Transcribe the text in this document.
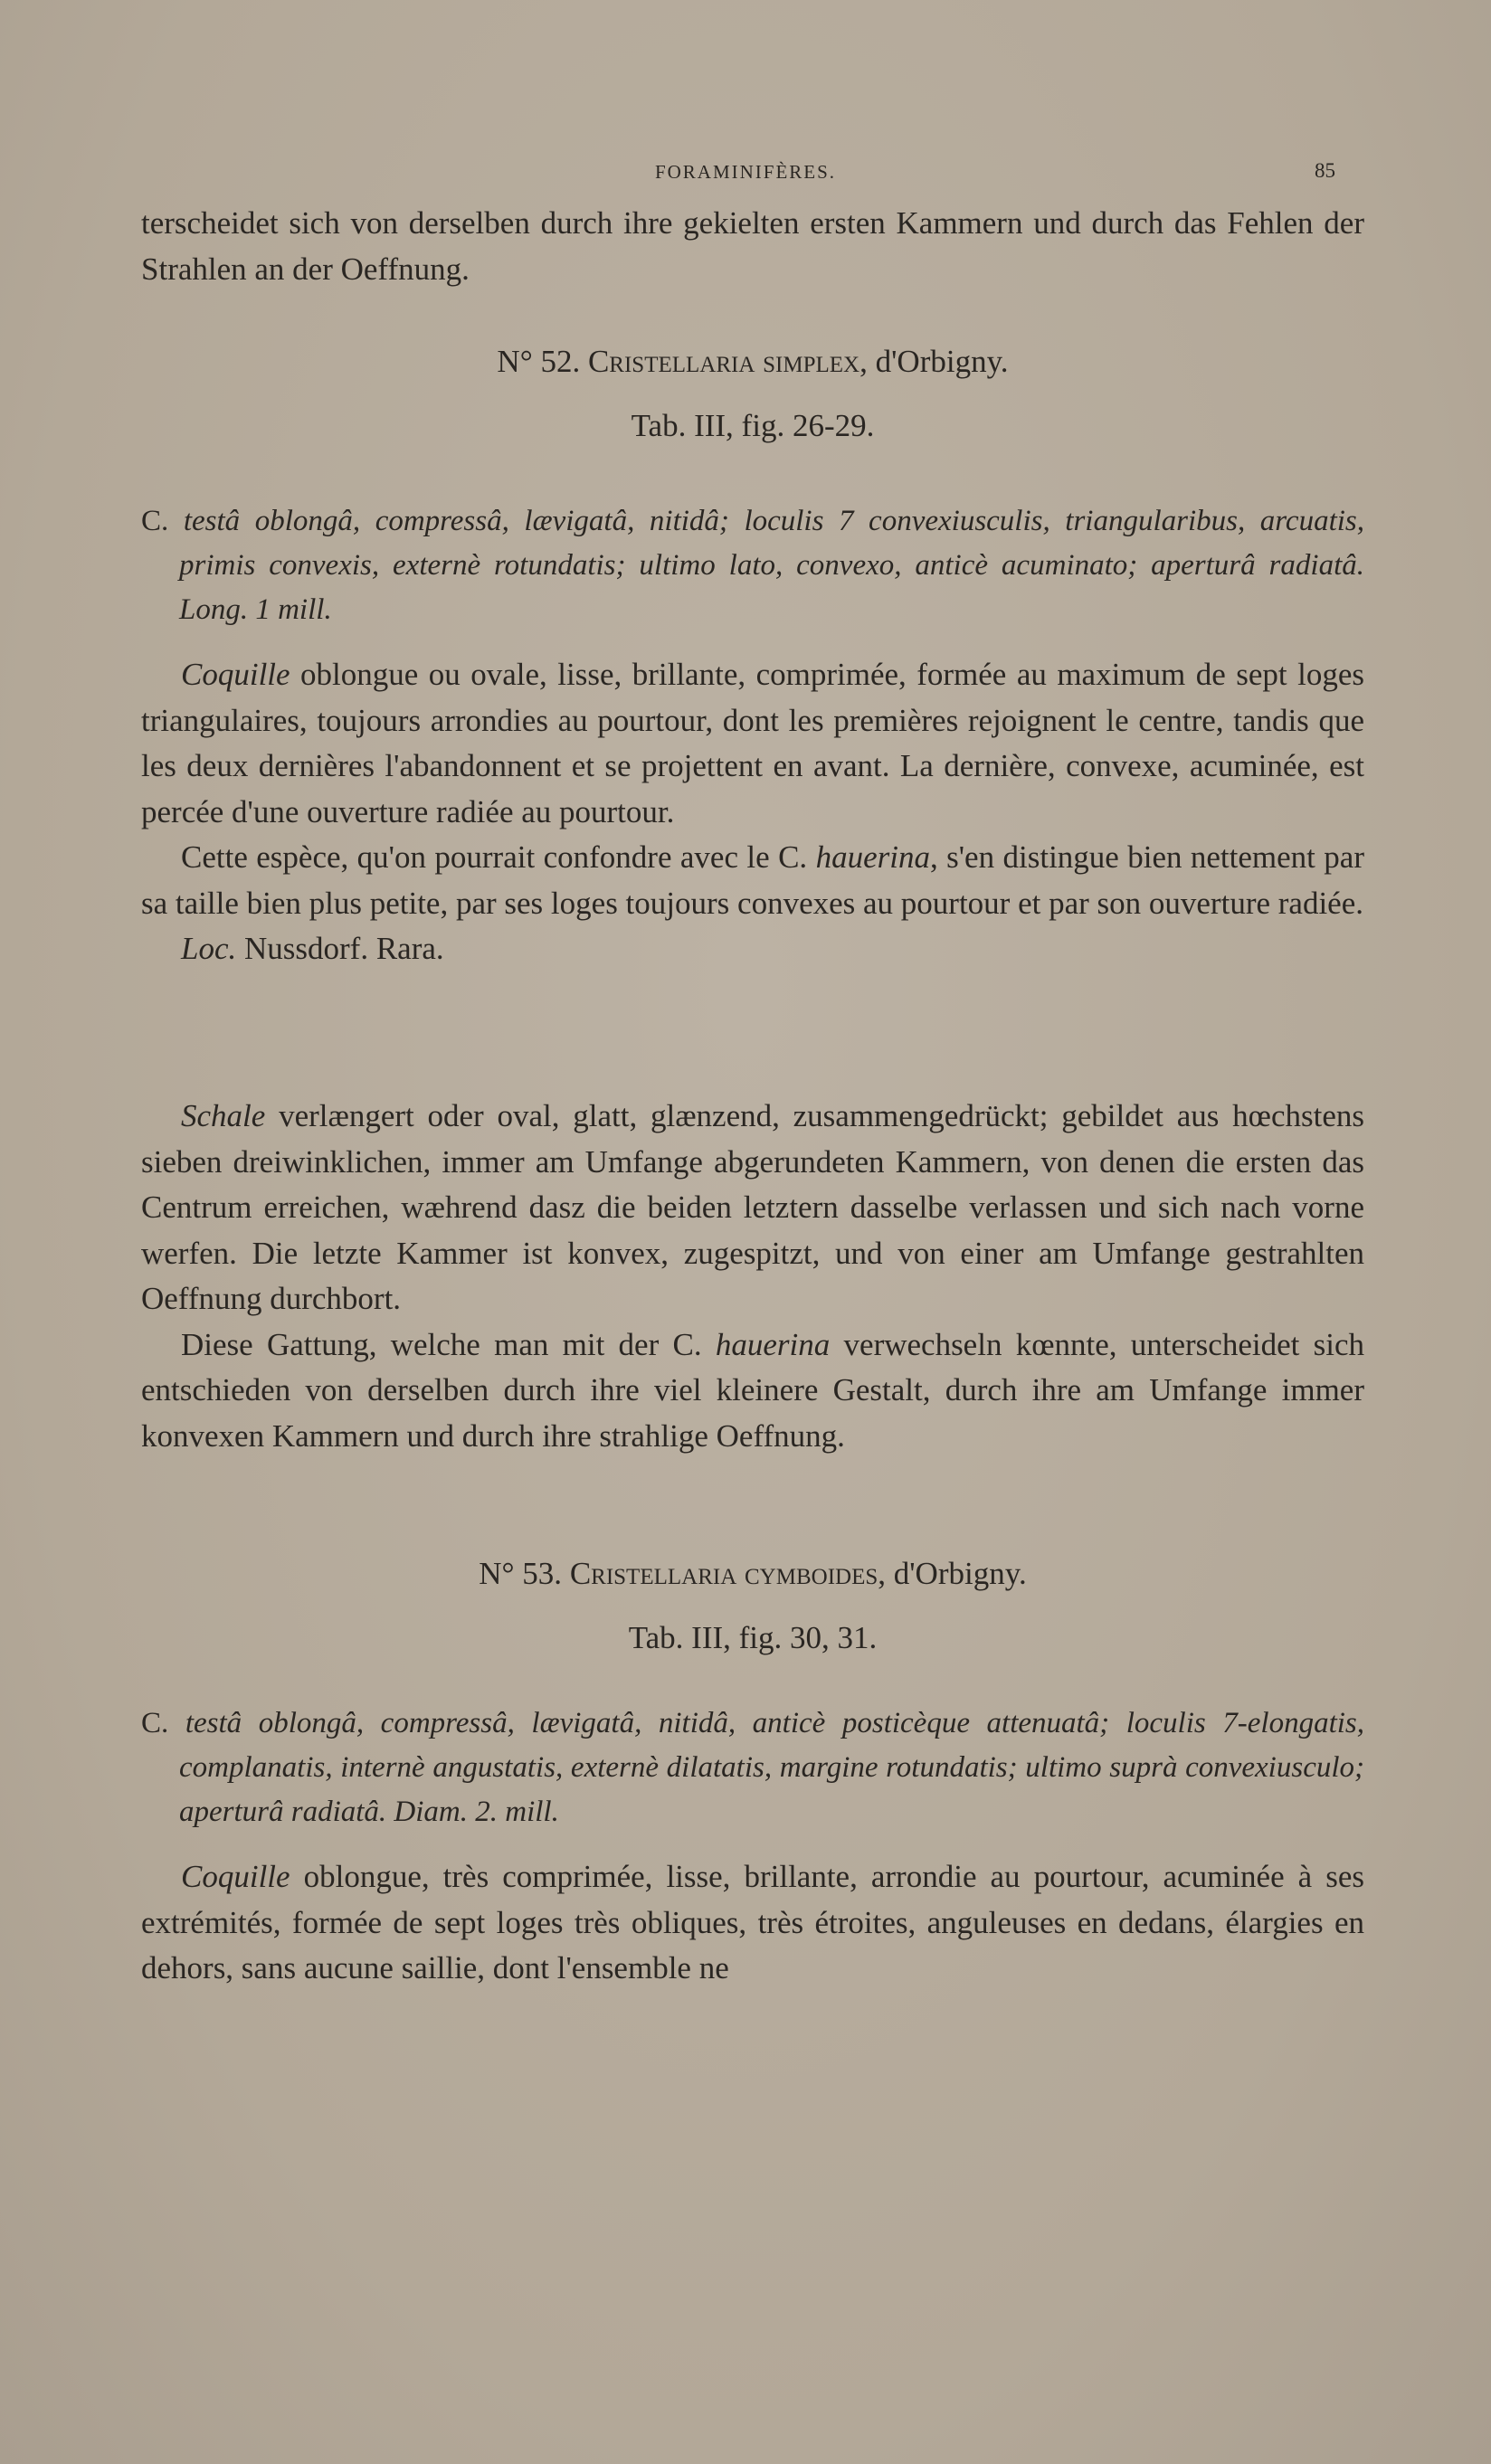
FORAMINIFÈRES.	85

terscheidet sich von derselben durch ihre gekielten ersten Kammern und durch das Fehlen der Strahlen an der Oeffnung.

N° 52. Cristellaria simplex, d'Orbigny.
Tab. III, fig. 26-29.

C. testâ oblongâ, compressâ, lævigatâ, nitidâ; loculis 7 convexiusculis, triangularibus, arcuatis, primis convexis, externè rotundatis; ultimo lato, convexo, anticè acuminato; aperturâ radiatâ. Long. 1 mill.

Coquille oblongue ou ovale, lisse, brillante, comprimée, formée au maximum de sept loges triangulaires, toujours arrondies au pourtour, dont les premières rejoignent le centre, tandis que les deux dernières l'abandonnent et se projettent en avant. La dernière, convexe, acuminée, est percée d'une ouverture radiée au pourtour.

Cette espèce, qu'on pourrait confondre avec le C. hauerina, s'en distingue bien nettement par sa taille bien plus petite, par ses loges toujours convexes au pourtour et par son ouverture radiée.

Loc. Nussdorf. Rara.

Schale verlængert oder oval, glatt, glænzend, zusammengedrückt; gebildet aus hœchstens sieben dreiwinklichen, immer am Umfange abgerundeten Kammern, von denen die ersten das Centrum erreichen, wæhrend dasz die beiden letztern dasselbe verlassen und sich nach vorne werfen. Die letzte Kammer ist konvex, zugespitzt, und von einer am Umfange gestrahlten Oeffnung durchbort.

Diese Gattung, welche man mit der C. hauerina verwechseln kœnnte, unterscheidet sich entschieden von derselben durch ihre viel kleinere Gestalt, durch ihre am Umfange immer konvexen Kammern und durch ihre strahlige Oeffnung.

N° 53. Cristellaria cymboides, d'Orbigny.
Tab. III, fig. 30, 31.

C. testâ oblongâ, compressâ, lævigatâ, nitidâ, anticè posticèque attenuatâ; loculis 7-elongatis, complanatis, internè angustatis, externè dilatatis, margine rotundatis; ultimo suprà convexiusculo; aperturâ radiatâ. Diam. 2. mill.

Coquille oblongue, très comprimée, lisse, brillante, arrondie au pourtour, acuminée à ses extrémités, formée de sept loges très obliques, très étroites, anguleuses en dedans, élargies en dehors, sans aucune saillie, dont l'ensemble ne
